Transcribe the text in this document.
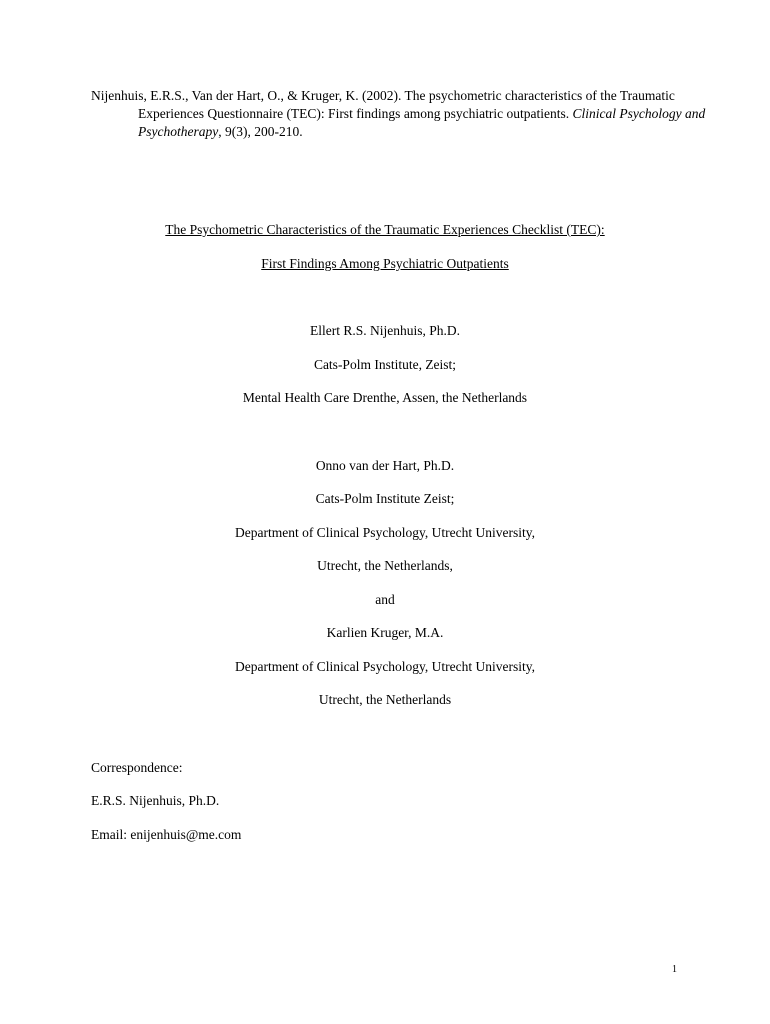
Nijenhuis, E.R.S., Van der Hart, O., & Kruger, K. (2002). The psychometric characteristics of the Traumatic Experiences Questionnaire (TEC): First findings among psychiatric outpatients. Clinical Psychology and Psychotherapy, 9(3), 200-210.
The Psychometric Characteristics of the Traumatic Experiences Checklist (TEC):
First Findings Among Psychiatric Outpatients
Ellert R.S. Nijenhuis, Ph.D.
Cats-Polm Institute, Zeist;
Mental Health Care Drenthe, Assen, the Netherlands
Onno van der Hart, Ph.D.
Cats-Polm Institute Zeist;
Department of Clinical Psychology, Utrecht University,
Utrecht, the Netherlands,
and
Karlien Kruger, M.A.
Department of Clinical Psychology, Utrecht University,
Utrecht, the Netherlands
Correspondence:
E.R.S. Nijenhuis, Ph.D.
Email: enijenhuis@me.com
1
